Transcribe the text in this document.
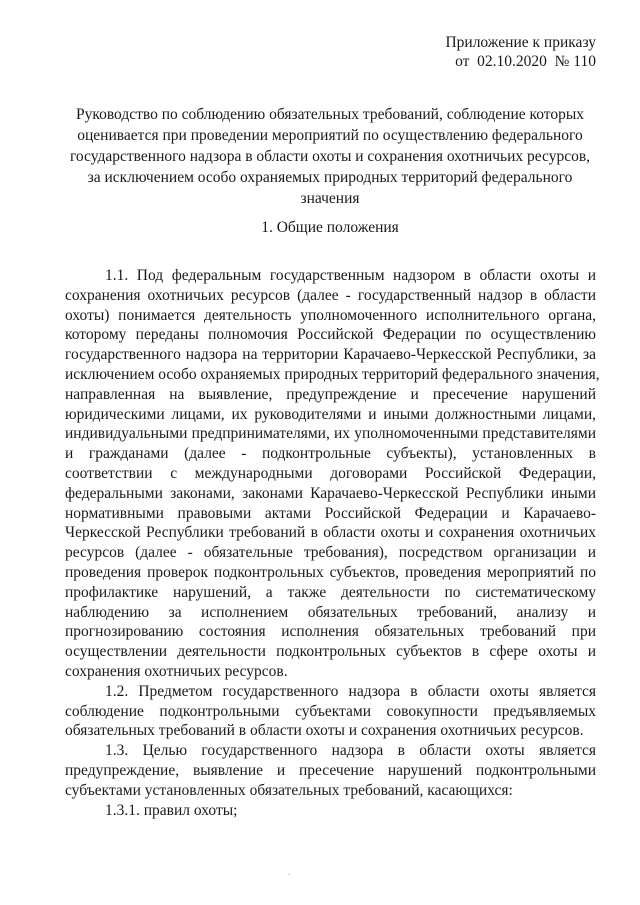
Приложение к приказу
от  02.10.2020  № 110
Руководство по соблюдению обязательных требований, соблюдение которых
оценивается при проведении мероприятий по осуществлению федерального
государственного надзора в области охоты и сохранения охотничьих ресурсов,
за исключением особо охраняемых природных территорий федерального
значения
1. Общие положения
1.1. Под федеральным государственным надзором в области охоты и
сохранения охотничьих ресурсов (далее - государственный надзор в области
охоты) понимается деятельность уполномоченного исполнительного органа,
которому переданы полномочия Российской Федерации по осуществлению
государственного надзора на территории Карачаево-Черкесской Республики, за
исключением особо охраняемых природных территорий федерального значения,
направленная на выявление, предупреждение и пресечение нарушений
юридическими лицами, их руководителями и иными должностными лицами,
индивидуальными предпринимателями, их уполномоченными представителями
и гражданами (далее - подконтрольные субъекты), установленных в
соответствии с международными договорами Российской Федерации,
федеральными законами, законами Карачаево-Черкесской Республики иными
нормативными правовыми актами Российской Федерации и Карачаево-
Черкесской Республики требований в области охоты и сохранения охотничьих
ресурсов (далее - обязательные требования), посредством организации и
проведения проверок подконтрольных субъектов, проведения мероприятий по
профилактике нарушений, а также деятельности по систематическому
наблюдению за исполнением обязательных требований, анализу и
прогнозированию состояния исполнения обязательных требований при
осуществлении деятельности подконтрольных субъектов в сфере охоты и
сохранения охотничьих ресурсов.
1.2. Предметом государственного надзора в области охоты является
соблюдение подконтрольными субъектами совокупности предъявляемых
обязательных требований в области охоты и сохранения охотничьих ресурсов.
1.3. Целью государственного надзора в области охоты является
предупреждение, выявление и пресечение нарушений подконтрольными
субъектами установленных обязательных требований, касающихся:
1.3.1. правил охоты;
